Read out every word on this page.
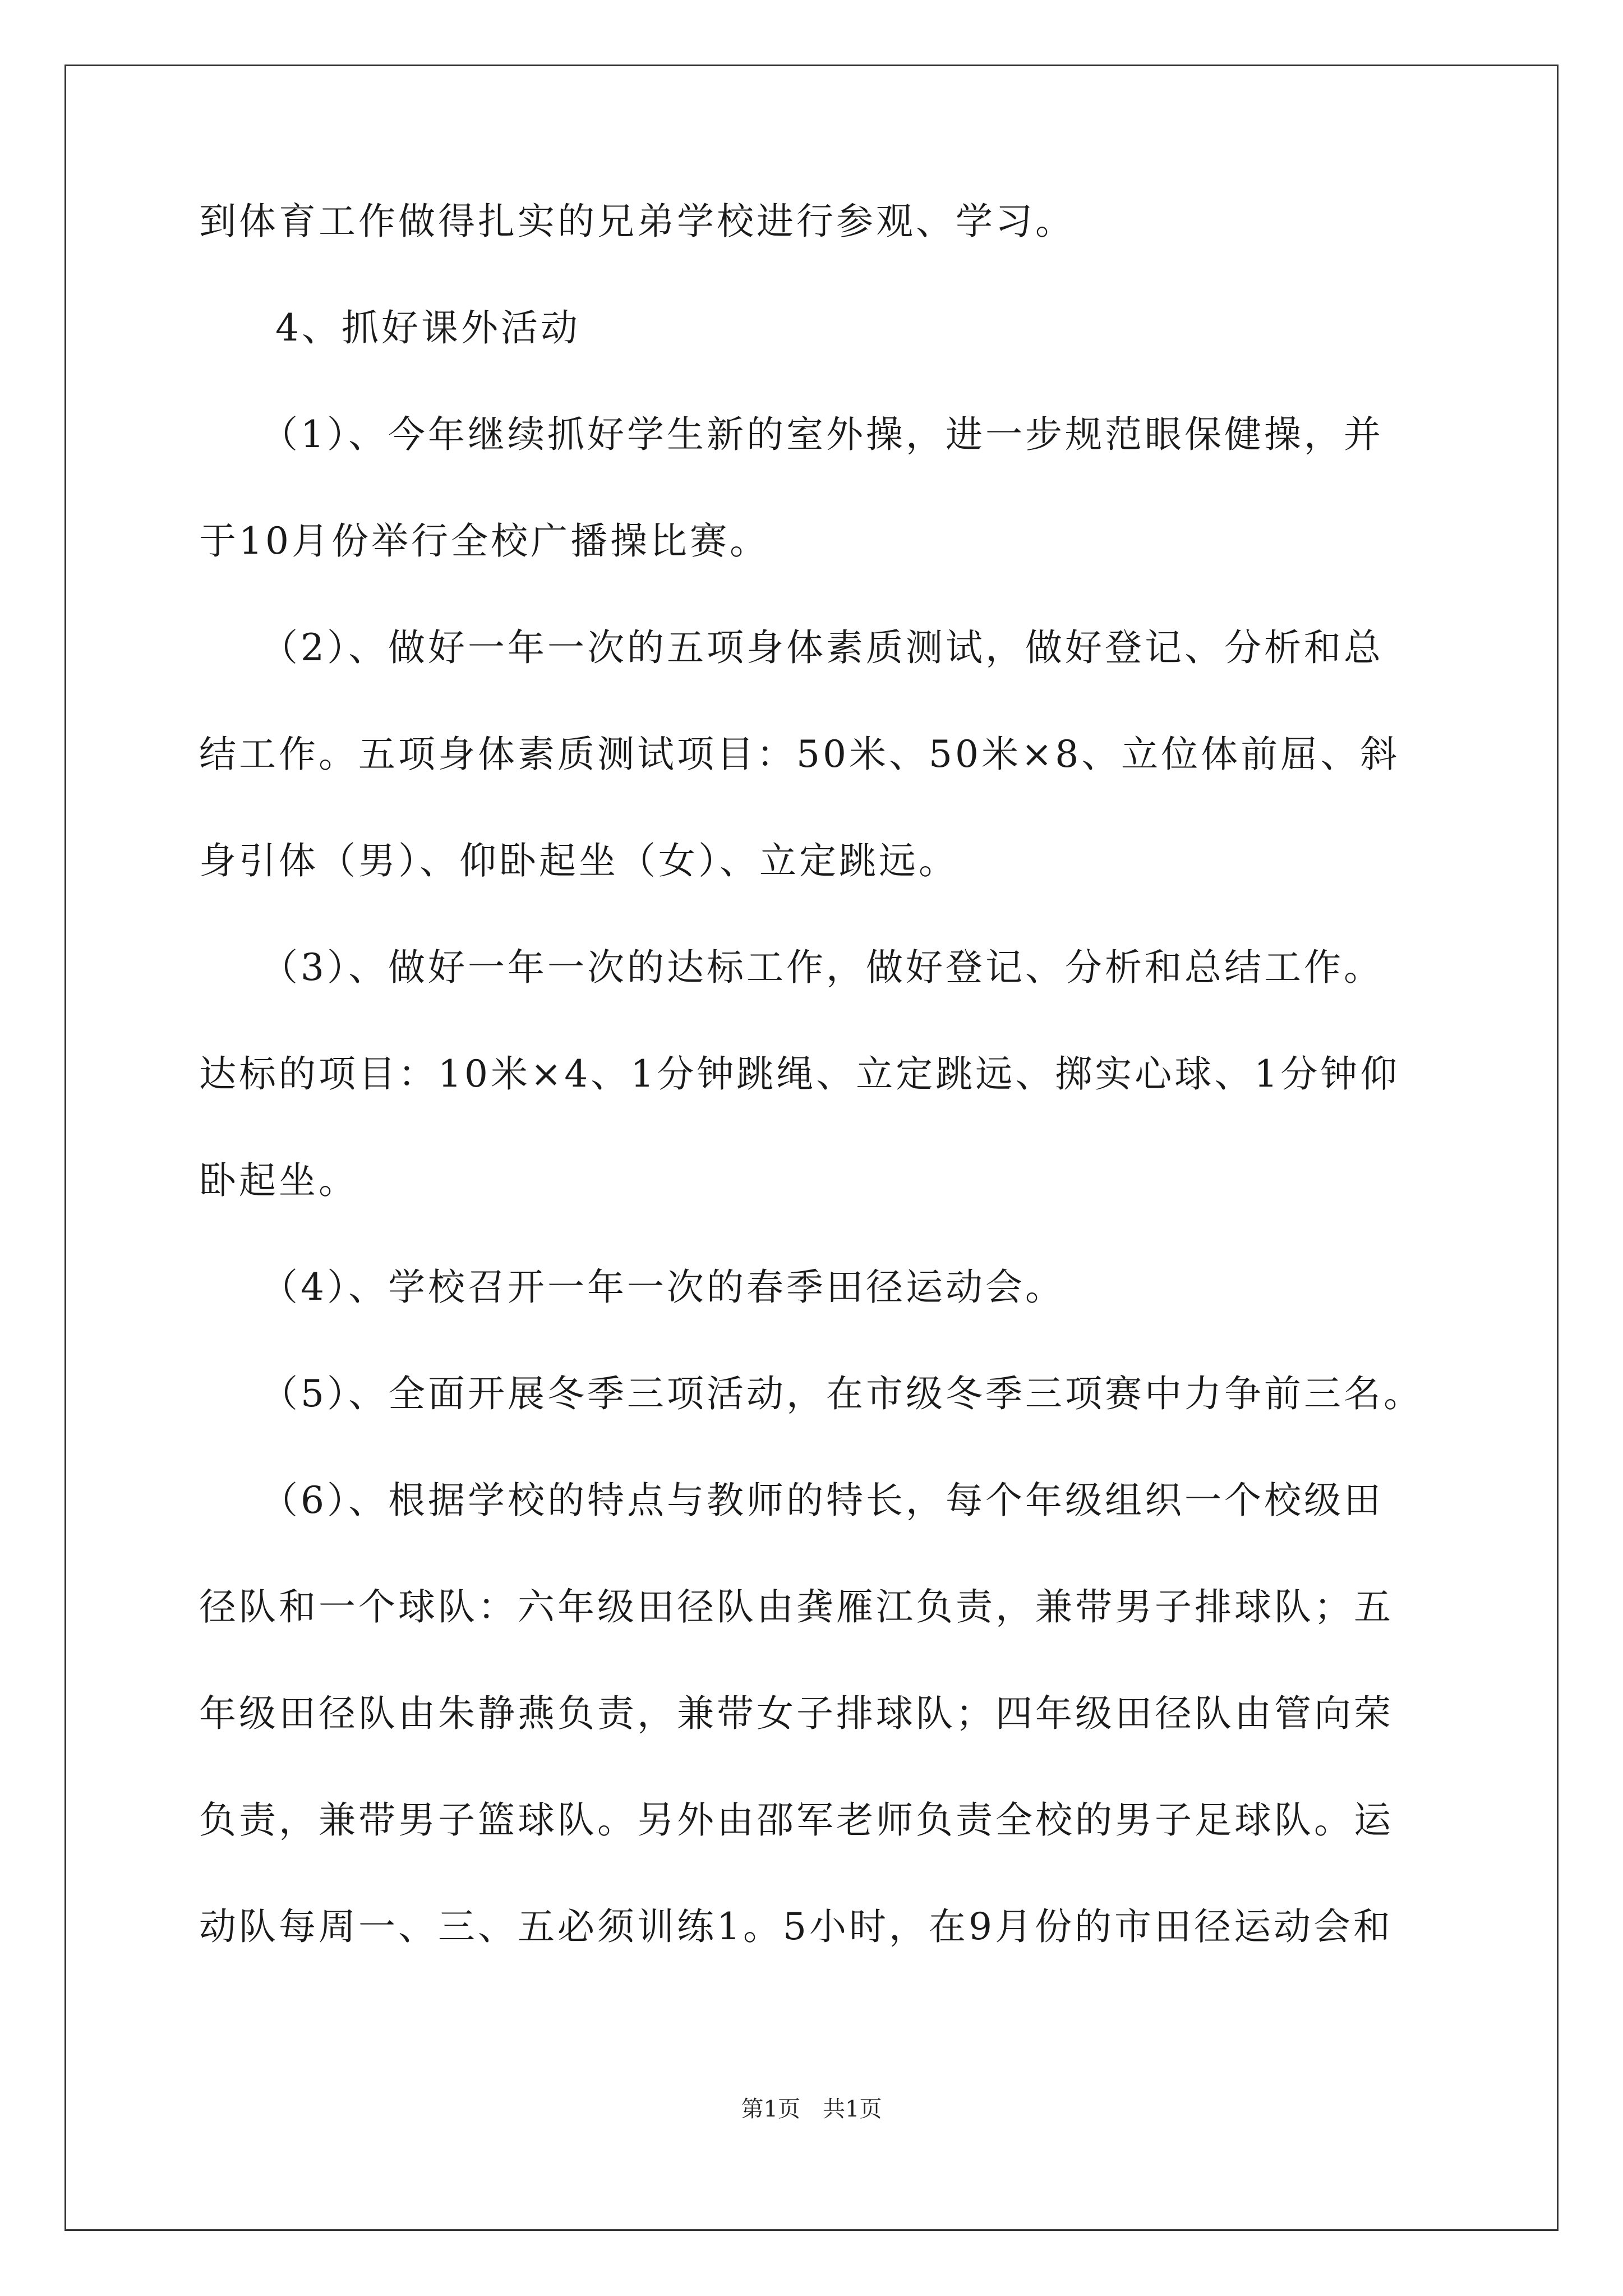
到体育工作做得扎实的兄弟学校进行参观、学习。
4、抓好课外活动
（1）、今年继续抓好学生新的室外操，进一步规范眼保健操，并
于10月份举行全校广播操比赛。
（2）、做好一年一次的五项身体素质测试，做好登记、分析和总
结工作。五项身体素质测试项目：50米、50米×8、立位体前屈、斜
身引体（男）、仰卧起坐（女）、立定跳远。
（3）、做好一年一次的达标工作，做好登记、分析和总结工作。
达标的项目：10米×4、1分钟跳绳、立定跳远、掷实心球、1分钟仰
卧起坐。
（4）、学校召开一年一次的春季田径运动会。
（5）、全面开展冬季三项活动，在市级冬季三项赛中力争前三名。
（6）、根据学校的特点与教师的特长，每个年级组织一个校级田
径队和一个球队：六年级田径队由龚雁江负责，兼带男子排球队；五
年级田径队由朱静燕负责，兼带女子排球队；四年级田径队由管向荣
负责，兼带男子篮球队。另外由邵军老师负责全校的男子足球队。运
动队每周一、三、五必须训练1。5小时，在9月份的市田径运动会和
第1页　共1页
